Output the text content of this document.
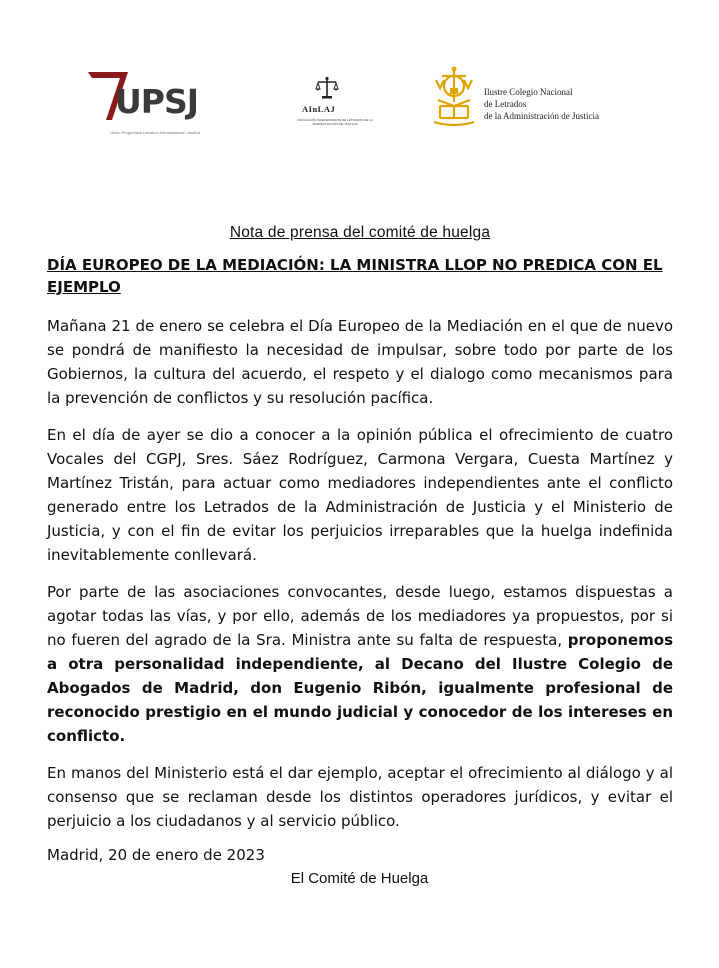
UPSJ
Unión Progresista Letrados Administración Justicia
AInLAJ
ASOCIACIÓN INDEPENDIENTE DE LETRADOS DE LA ADMINISTRACIÓN DE JUSTICIA
Ilustre Colegio Nacional
de Letrados
de la Administración de Justicia
Nota de prensa del comité de huelga
DÍA EUROPEO DE LA MEDIACIÓN: LA MINISTRA LLOP NO PREDICA CON EL EJEMPLO

Mañana 21 de enero se celebra el Día Europeo de la Mediación en el que de nuevo se pondrá de manifiesto la necesidad de impulsar, sobre todo por parte de los Gobiernos, la cultura del acuerdo, el respeto y el dialogo como mecanismos para la prevención de conflictos y su resolución pacífica.

En el día de ayer se dio a conocer a la opinión pública el ofrecimiento de cuatro Vocales del CGPJ, Sres. Sáez Rodríguez, Carmona Vergara, Cuesta Martínez y Martínez Tristán, para actuar como mediadores independientes ante el conflicto generado entre los Letrados de la Administración de Justicia y el Ministerio de Justicia, y con el fin de evitar los perjuicios irreparables que la huelga indefinida inevitablemente conllevará.

Por parte de las asociaciones convocantes, desde luego, estamos dispuestas a agotar todas las vías, y por ello, además de los mediadores ya propuestos, por si no fueren del agrado de la Sra. Ministra ante su falta de respuesta, proponemos a otra personalidad independiente, al Decano del Ilustre Colegio de Abogados de Madrid, don Eugenio Ribón, igualmente profesional de reconocido prestigio en el mundo judicial y conocedor de los intereses en conflicto.

En manos del Ministerio está el dar ejemplo, aceptar el ofrecimiento al diálogo y al consenso que se reclaman desde los distintos operadores jurídicos, y evitar el perjuicio a los ciudadanos y al servicio público.

Madrid, 20 de enero de 2023

El Comité de Huelga
